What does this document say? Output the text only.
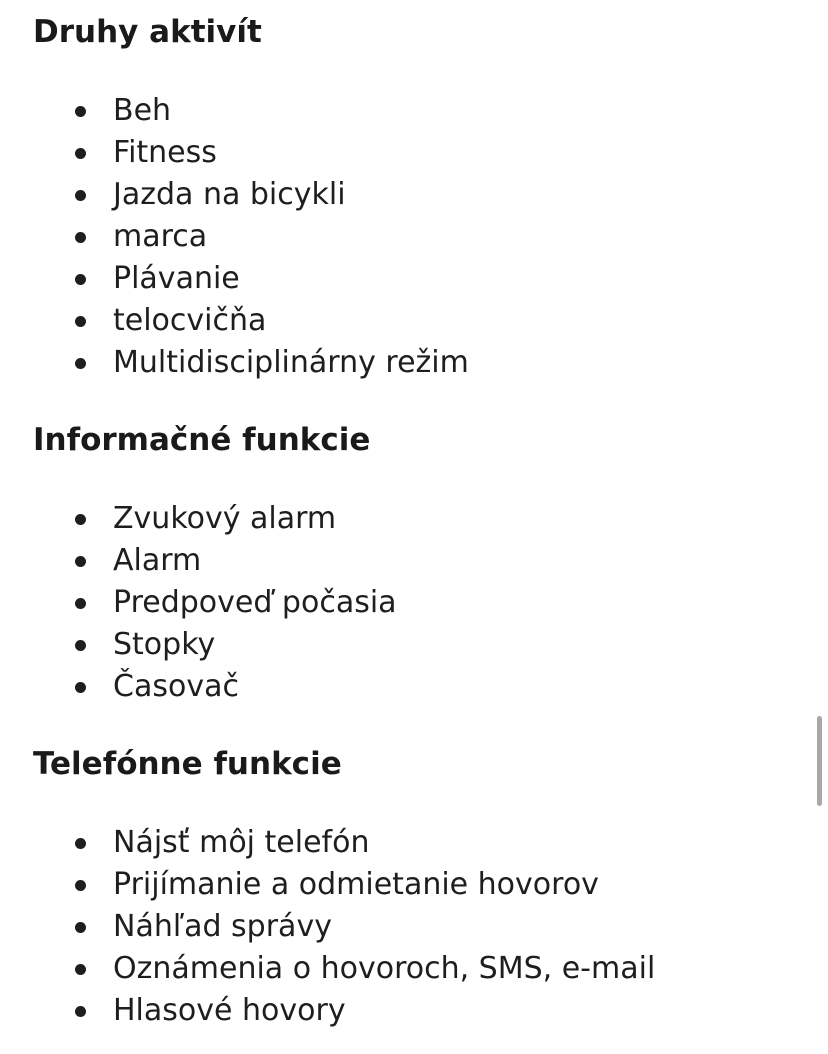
Druhy aktivít
Beh
Fitness
Jazda na bicykli
marca
Plávanie
telocvičňa
Multidisciplinárny režim
Informačné funkcie
Zvukový alarm
Alarm
Predpoveď počasia
Stopky
Časovač
Telefónne funkcie
Nájsť môj telefón
Prijímanie a odmietanie hovorov
Náhľad správy
Oznámenia o hovoroch, SMS, e-mail
Hlasové hovory
